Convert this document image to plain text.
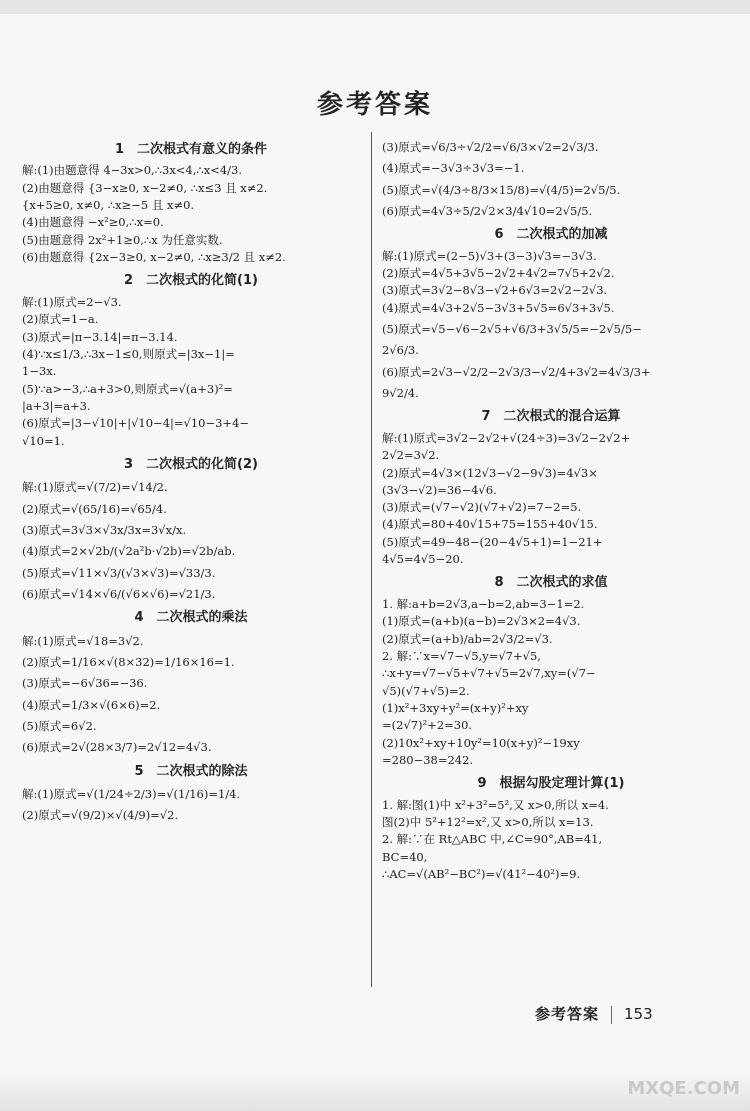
参考答案
1　二次根式有意义的条件
解:(1)由题意得 4−3x>0,∴3x<4,∴x<4/3.
(2)由题意得 {3−x≥0, x−2≠0, ∴x≤3 且 x≠2.
{x+5≥0, x≠0, ∴x≥−5 且 x≠0.
(4)由题意得 −x²≥0,∴x=0.
(5)由题意得 2x²+1≥0,∴x 为任意实数.
(6)由题意得 {2x−3≥0, x−2≠0, ∴x≥3/2 且 x≠2.
2　二次根式的化简(1)
解:(1)原式=2−√3.
(2)原式=1−a.
(3)原式=|π−3.14|=π−3.14.
(4)∵x≤1/3,∴3x−1≤0,则原式=|3x−1|=
1−3x.
(5)∵a>−3,∴a+3>0,则原式=√(a+3)²=
|a+3|=a+3.
(6)原式=|3−√10|+|√10−4|=√10−3+4−
√10=1.
3　二次根式的化简(2)
解:(1)原式=√(7/2)=√14/2.
(2)原式=√(65/16)=√65/4.
(3)原式=3√3×√3x/3x=3√x/x.
(4)原式=2×√2b/(√2a²b·√2b)=√2b/ab.
(5)原式=√11×√3/(√3×√3)=√33/3.
(6)原式=√14×√6/(√6×√6)=√21/3.
4　二次根式的乘法
解:(1)原式=√18=3√2.
(2)原式=1/16×√(8×32)=1/16×16=1.
(3)原式=−6√36=−36.
(4)原式=1/3×√(6×6)=2.
(5)原式=6√2.
(6)原式=2√(28×3/7)=2√12=4√3.
5　二次根式的除法
解:(1)原式=√(1/24÷2/3)=√(1/16)=1/4.
(2)原式=√(9/2)×√(4/9)=√2.
(3)原式=√6/3÷√2/2=√6/3×√2=2√3/3.
(4)原式=−3√3÷3√3=−1.
(5)原式=√(4/3÷8/3×15/8)=√(4/5)=2√5/5.
(6)原式=4√3÷5/2√2×3/4√10=2√5/5.
6　二次根式的加减
解:(1)原式=(2−5)√3+(3−3)√3=−3√3.
(2)原式=4√5+3√5−2√2+4√2=7√5+2√2.
(3)原式=3√2−8√3−√2+6√3=2√2−2√3.
(4)原式=4√3+2√5−3√3+5√5=6√3+3√5.
(5)原式=√5−√6−2√5+√6/3+3√5/5=−2√5/5−
2√6/3.
(6)原式=2√3−√2/2−2√3/3−√2/4+3√2=4√3/3+
9√2/4.
7　二次根式的混合运算
解:(1)原式=3√2−2√2+√(24÷3)=3√2−2√2+
2√2=3√2.
(2)原式=4√3×(12√3−√2−9√3)=4√3×
(3√3−√2)=36−4√6.
(3)原式=(√7−√2)(√7+√2)=7−2=5.
(4)原式=80+40√15+75=155+40√15.
(5)原式=49−48−(20−4√5+1)=1−21+
4√5=4√5−20.
8　二次根式的求值
1. 解:a+b=2√3,a−b=2,ab=3−1=2.
(1)原式=(a+b)(a−b)=2√3×2=4√3.
(2)原式=(a+b)/ab=2√3/2=√3.
2. 解:∵x=√7−√5,y=√7+√5,
∴x+y=√7−√5+√7+√5=2√7,xy=(√7−
√5)(√7+√5)=2.
(1)x²+3xy+y²=(x+y)²+xy
=(2√7)²+2=30.
(2)10x²+xy+10y²=10(x+y)²−19xy
=280−38=242.
9　根据勾股定理计算(1)
1. 解:图(1)中 x²+3²=5²,又 x>0,所以 x=4.
图(2)中 5²+12²=x²,又 x>0,所以 x=13.
2. 解:∵在 Rt△ABC 中,∠C=90°,AB=41,
BC=40,
∴AC=√(AB²−BC²)=√(41²−40²)=9.
参考答案 153
MXQE.COM
